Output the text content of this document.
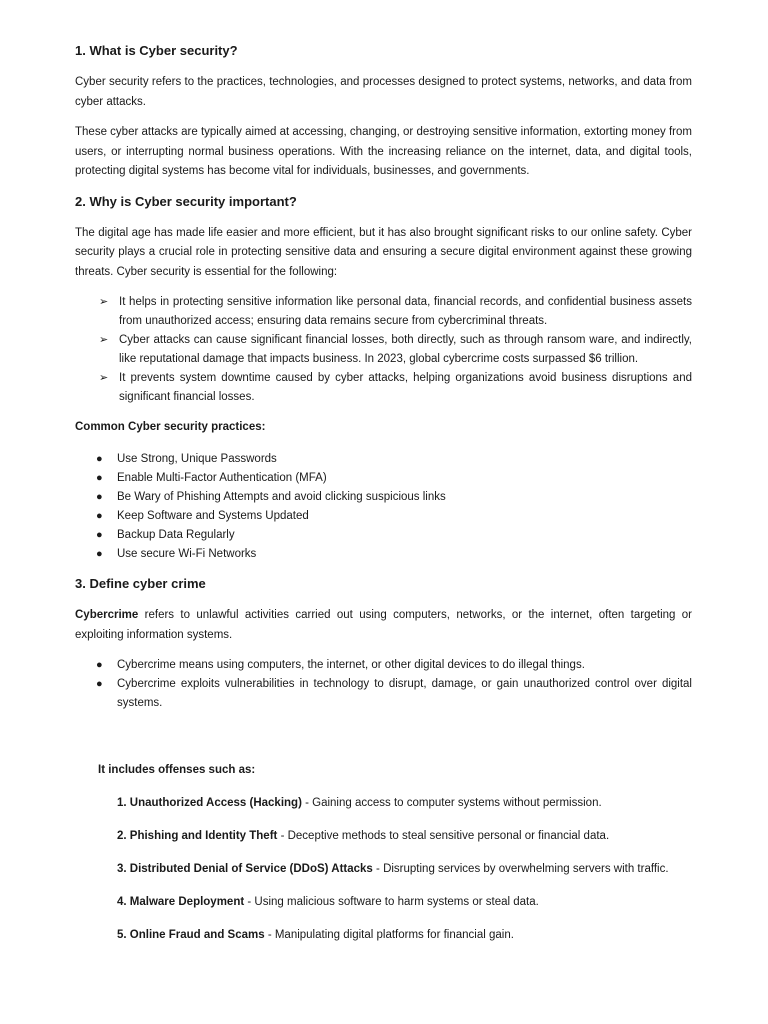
1. What is Cyber security?

Cyber security refers to the practices, technologies, and processes designed to protect systems, networks, and data from cyber attacks.

These cyber attacks are typically aimed at accessing, changing, or destroying sensitive information, extorting money from users, or interrupting normal business operations. With the increasing reliance on the internet, data, and digital tools, protecting digital systems has become vital for individuals, businesses, and governments.

2. Why is Cyber security important?

The digital age has made life easier and more efficient, but it has also brought significant risks to our online safety. Cyber security plays a crucial role in protecting sensitive data and ensuring a secure digital environment against these growing threats. Cyber security is essential for the following:

➢ It helps in protecting sensitive information like personal data, financial records, and confidential business assets from unauthorized access; ensuring data remains secure from cybercriminal threats.
➢ Cyber attacks can cause significant financial losses, both directly, such as through ransom ware, and indirectly, like reputational damage that impacts business. In 2023, global cybercrime costs surpassed $6 trillion.
➢ It prevents system downtime caused by cyber attacks, helping organizations avoid business disruptions and significant financial losses.

Common Cyber security practices:

● Use Strong, Unique Passwords
● Enable Multi-Factor Authentication (MFA)
● Be Wary of Phishing Attempts and avoid clicking suspicious links
● Keep Software and Systems Updated
● Backup Data Regularly
● Use secure Wi-Fi Networks
3. Define cyber crime

Cybercrime refers to unlawful activities carried out using computers, networks, or the internet, often targeting or exploiting information systems.

● Cybercrime means using computers, the internet, or other digital devices to do illegal things.
● Cybercrime exploits vulnerabilities in technology to disrupt, damage, or gain unauthorized control over digital systems.

It includes offenses such as:

1. Unauthorized Access (Hacking) - Gaining access to computer systems without permission.

2. Phishing and Identity Theft - Deceptive methods to steal sensitive personal or financial data.

3. Distributed Denial of Service (DDoS) Attacks - Disrupting services by overwhelming servers with traffic.

4. Malware Deployment - Using malicious software to harm systems or steal data.

5. Online Fraud and Scams - Manipulating digital platforms for financial gain.
